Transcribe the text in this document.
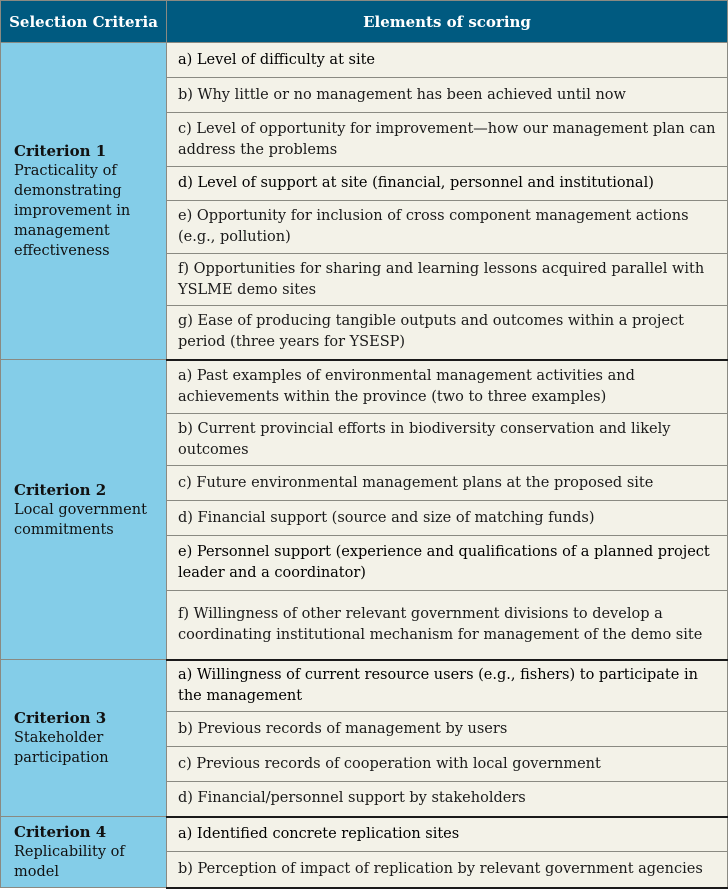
Selection Criteria	Elements of scoring

Criterion 1
Practicality of demonstrating improvement in management effectiveness	a) Level of difficulty at site
	b) Why little or no management has been achieved until now
	c) Level of opportunity for improvement—how our management plan can address the problems
	d) Level of support at site (financial, personnel and institutional)
	e) Opportunity for inclusion of cross component management actions (e.g., pollution)
	f) Opportunities for sharing and learning lessons acquired parallel with YSLME demo sites
	g) Ease of producing tangible outputs and outcomes within a project period (three years for YSESP)

Criterion 2
Local government commitments	a) Past examples of environmental management activities and achievements within the province (two to three examples)
	b) Current provincial efforts in biodiversity conservation and likely outcomes
	c) Future environmental management plans at the proposed site
	d) Financial support (source and size of matching funds)
	e) Personnel support (experience and qualifications of a planned project leader and a coordinator)
	f) Willingness of other relevant government divisions to develop a coordinating institutional mechanism for management of the demo site

Criterion 3
Stakeholder participation	a) Willingness of current resource users (e.g., fishers) to participate in the management
	b) Previous records of management by users
	c) Previous records of cooperation with local government
	d) Financial/personnel support by stakeholders

Criterion 4
Replicability of model	a) Identified concrete replication sites
	b) Perception of impact of replication by relevant government agencies
